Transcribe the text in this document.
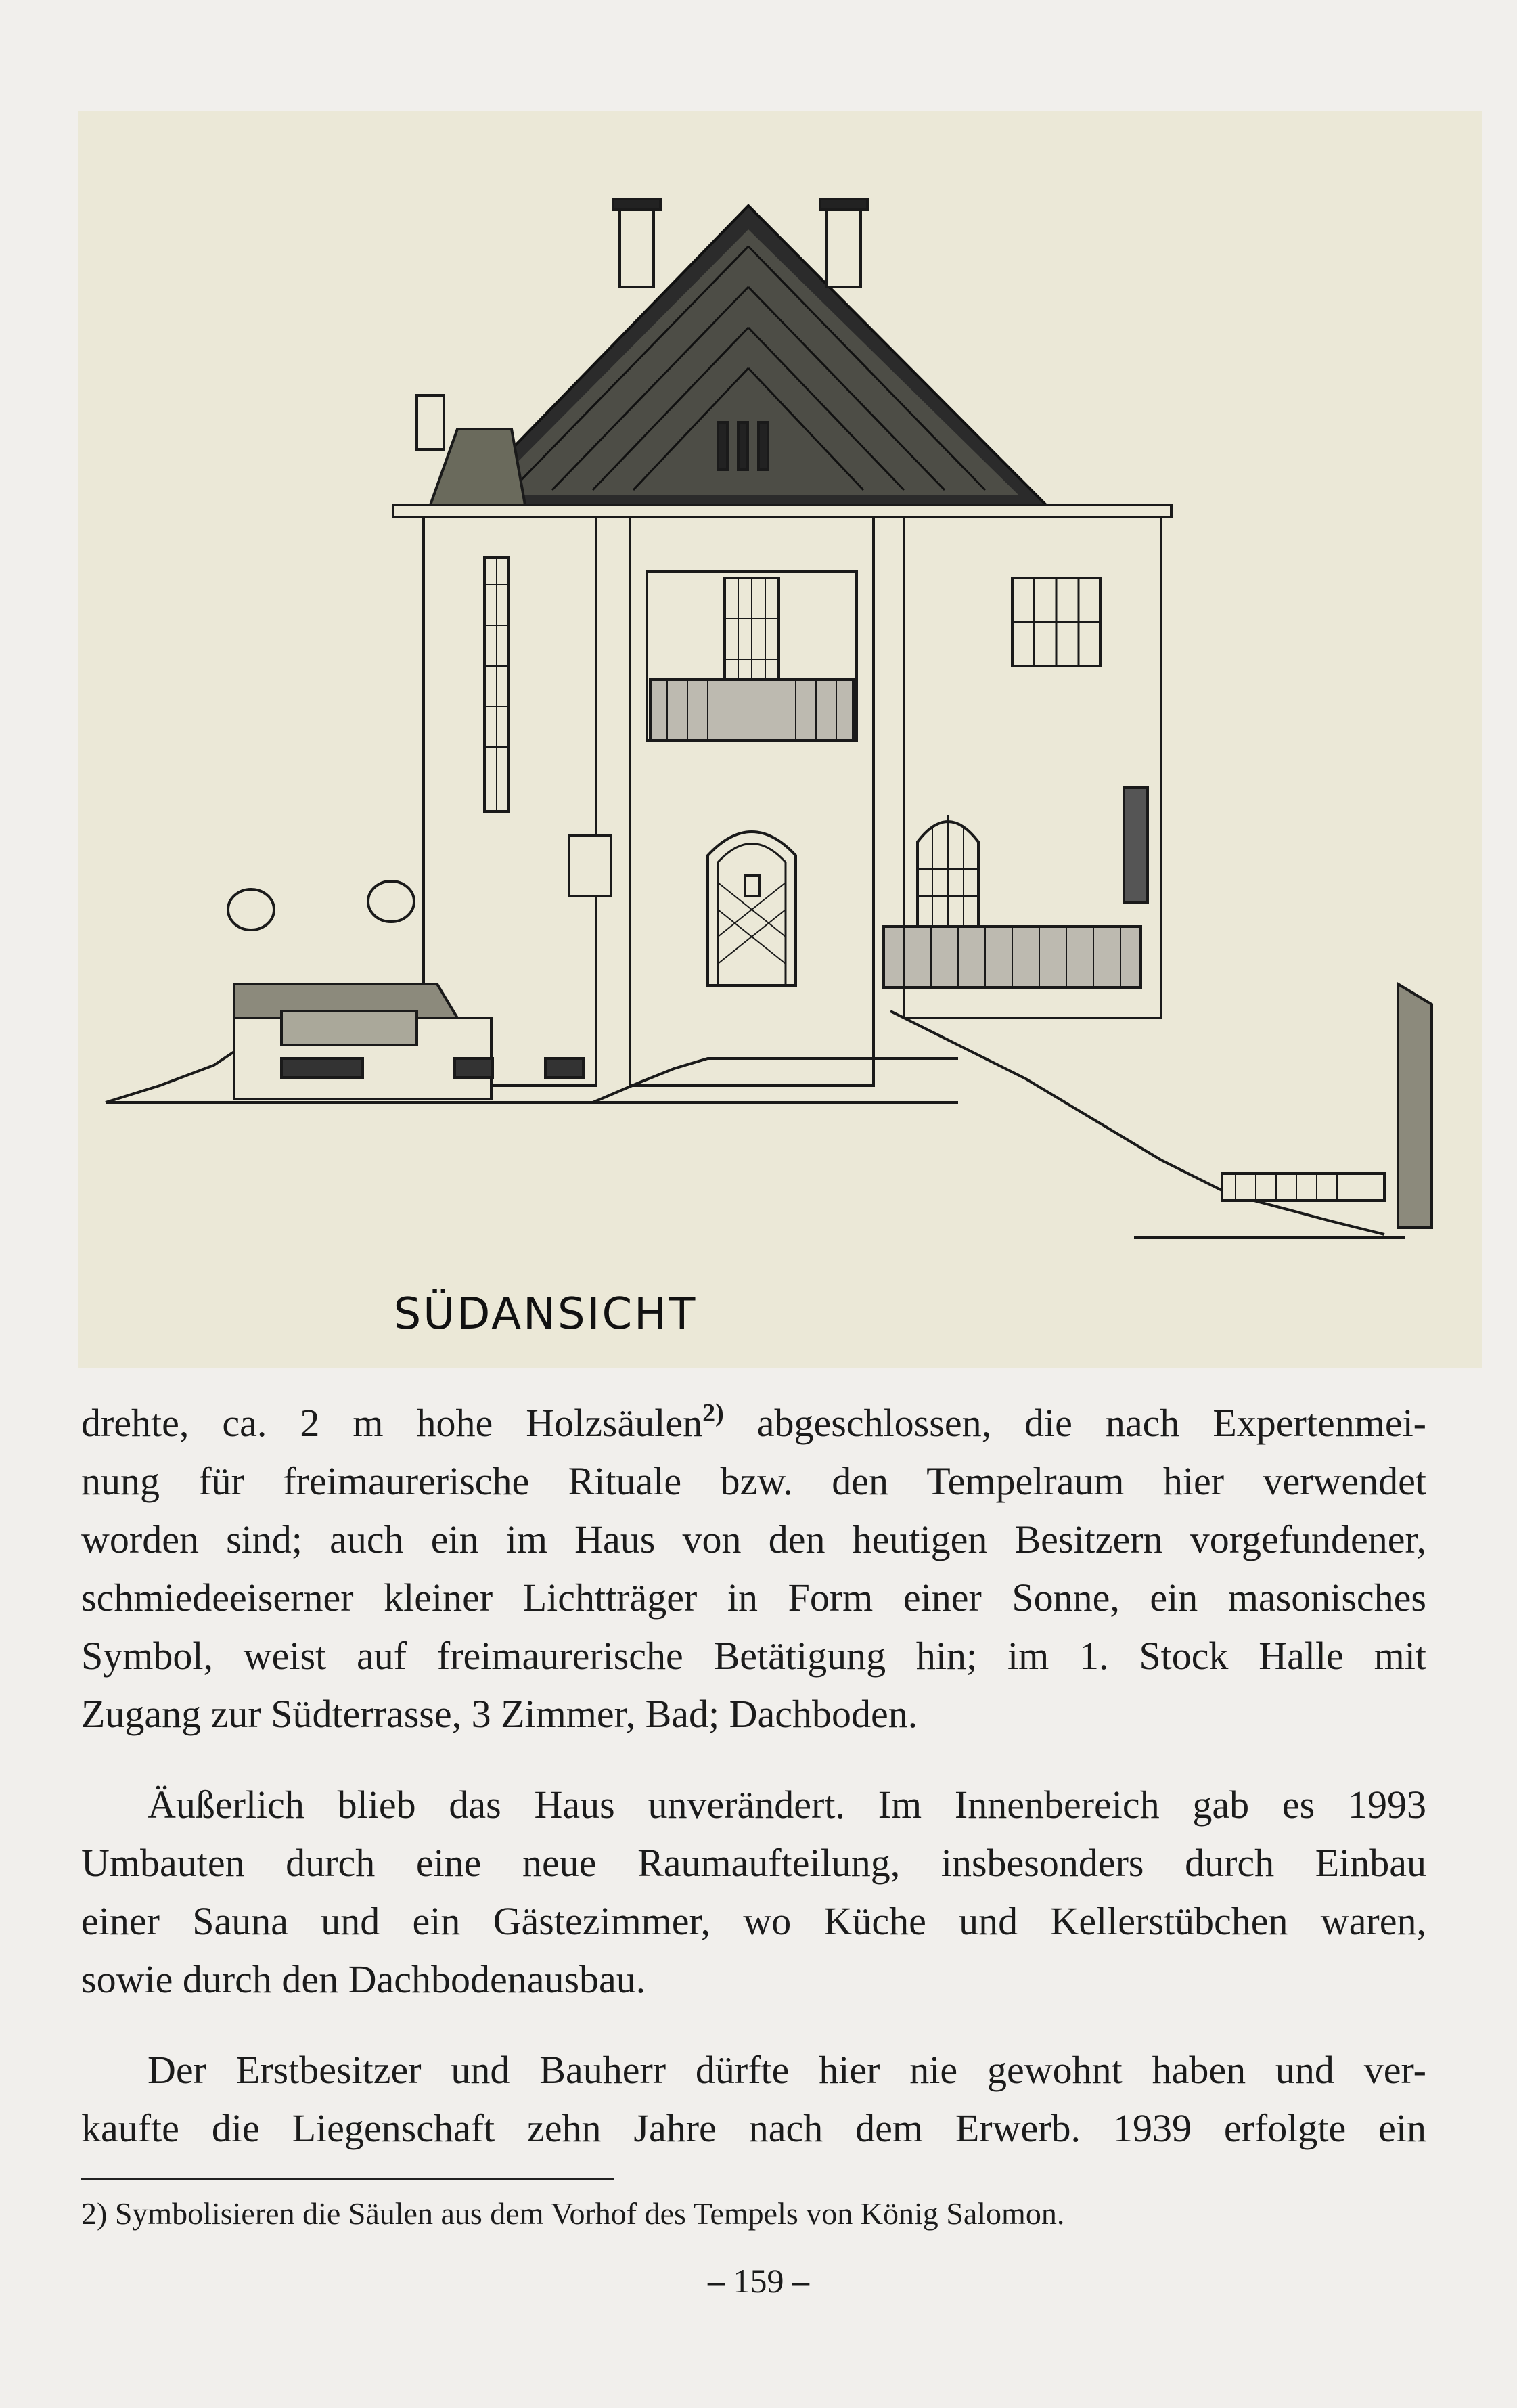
SÜDANSICHT
drehte, ca. 2 m hohe Holzsäulen$^{2)}$ abgeschlossen, die nach Expertenmei-
nung für freimaurerische Rituale bzw. den Tempelraum hier verwendet
worden sind; auch ein im Haus von den heutigen Besitzern vorgefundener,
schmiedeeiserner kleiner Lichtträger in Form einer Sonne, ein masonisches
Symbol, weist auf freimaurerische Betätigung hin; im 1. Stock Halle mit
Zugang zur Südterrasse, 3 Zimmer, Bad; Dachboden.
Äußerlich blieb das Haus unverändert. Im Innenbereich gab es 1993
Umbauten durch eine neue Raumaufteilung, insbesonders durch Einbau
einer Sauna und ein Gästezimmer, wo Küche und Kellerstübchen waren,
sowie durch den Dachbodenausbau.
Der Erstbesitzer und Bauherr dürfte hier nie gewohnt haben und ver-
kaufte die Liegenschaft zehn Jahre nach dem Erwerb. 1939 erfolgte ein
2) Symbolisieren die Säulen aus dem Vorhof des Tempels von König Salomon.
– 159 –
